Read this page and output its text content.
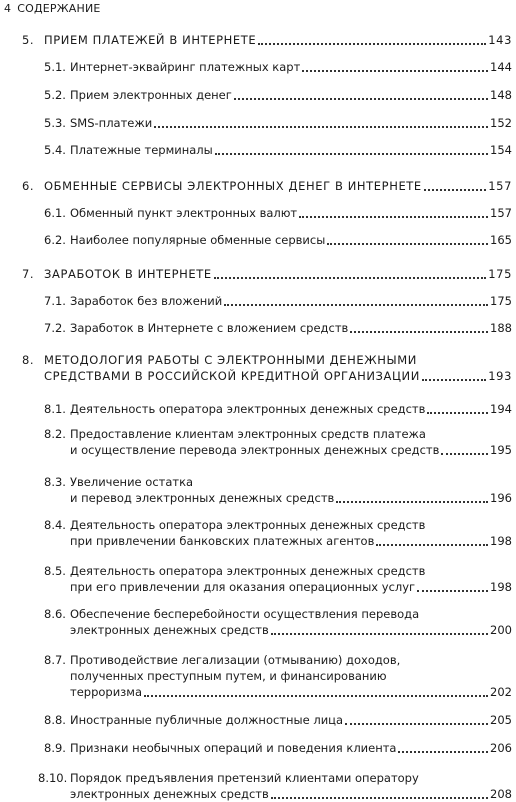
4 СОДЕРЖАНИЕ
5. ПРИЕМ ПЛАТЕЖЕЙ В ИНТЕРНЕТЕ	143
5.1. Интернет-эквайринг платежных карт	144
5.2. Прием электронных денег	148
5.3. SMS-платежи	152
5.4. Платежные терминалы	154
6. ОБМЕННЫЕ СЕРВИСЫ ЭЛЕКТРОННЫХ ДЕНЕГ В ИНТЕРНЕТЕ	157
6.1. Обменный пункт электронных валют	157
6.2. Наиболее популярные обменные сервисы	165
7. ЗАРАБОТОК В ИНТЕРНЕТЕ	175
7.1. Заработок без вложений	175
7.2. Заработок в Интернете с вложением средств	188
8. МЕТОДОЛОГИЯ РАБОТЫ С ЭЛЕКТРОННЫМИ ДЕНЕЖНЫМИ
СРЕДСТВАМИ В РОССИЙСКОЙ КРЕДИТНОЙ ОРГАНИЗАЦИИ	193
8.1. Деятельность оператора электронных денежных средств	194
8.2. Предоставление клиентам электронных средств платежа
и осуществление перевода электронных денежных средств	195
8.3. Увеличение остатка
и перевод электронных денежных средств	196
8.4. Деятельность оператора электронных денежных средств
при привлечении банковских платежных агентов	198
8.5. Деятельность оператора электронных денежных средств
при его привлечении для оказания операционных услуг	198
8.6. Обеспечение бесперебойности осуществления перевода
электронных денежных средств	200
8.7. Противодействие легализации (отмыванию) доходов,
полученных преступным путем, и финансированию
терроризма	202
8.8. Иностранные публичные должностные лица	205
8.9. Признаки необычных операций и поведения клиента	206
8.10. Порядок предъявления претензий клиентами оператору
электронных денежных средств	208
